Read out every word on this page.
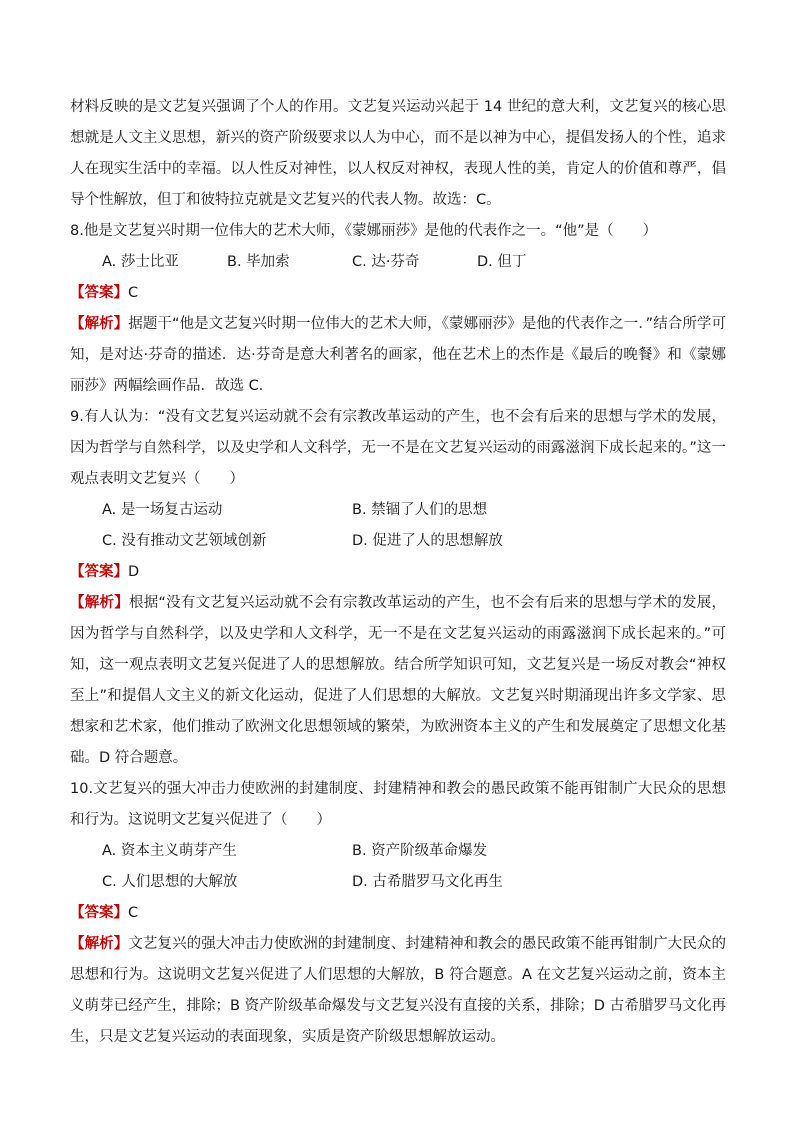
材料反映的是文艺复兴强调了个人的作用。文艺复兴运动兴起于 14 世纪的意大利，文艺复兴的核心思想就是人文主义思想，新兴的资产阶级要求以人为中心，而不是以神为中心，提倡发扬人的个性，追求人在现实生活中的幸福。以人性反对神性，以人权反对神权，表现人性的美，肯定人的价值和尊严，倡导个性解放，但丁和彼特拉克就是文艺复兴的代表人物。故选：C。

8.他是文艺复兴时期一位伟大的艺术大师，《蒙娜丽莎》是他的代表作之一。“他”是（　　）

A. 莎士比亚	B. 毕加索	C. 达·芬奇	D. 但丁

【答案】C

【解析】据题干“他是文艺复兴时期一位伟大的艺术大师，《蒙娜丽莎》是他的代表作之一．”结合所学可知，是对达·芬奇的描述．达·芬奇是意大利著名的画家，他在艺术上的杰作是《最后的晚餐》和《蒙娜丽莎》两幅绘画作品．故选 C．

9.有人认为：“没有文艺复兴运动就不会有宗教改革运动的产生，也不会有后来的思想与学术的发展，因为哲学与自然科学，以及史学和人文科学，无一不是在文艺复兴运动的雨露滋润下成长起来的。”这一观点表明文艺复兴（　　）

A. 是一场复古运动	B. 禁锢了人们的思想
C. 没有推动文艺领域创新	D. 促进了人的思想解放

【答案】D

【解析】根据“没有文艺复兴运动就不会有宗教改革运动的产生，也不会有后来的思想与学术的发展，因为哲学与自然科学，以及史学和人文科学，无一不是在文艺复兴运动的雨露滋润下成长起来的。”可知，这一观点表明文艺复兴促进了人的思想解放。结合所学知识可知，文艺复兴是一场反对教会“神权至上”和提倡人文主义的新文化运动，促进了人们思想的大解放。文艺复兴时期涌现出许多文学家、思想家和艺术家，他们推动了欧洲文化思想领域的繁荣，为欧洲资本主义的产生和发展奠定了思想文化基础。D 符合题意。

10.文艺复兴的强大冲击力使欧洲的封建制度、封建精神和教会的愚民政策不能再钳制广大民众的思想和行为。这说明文艺复兴促进了（　　）

A. 资本主义萌芽产生	B. 资产阶级革命爆发
C. 人们思想的大解放	D. 古希腊罗马文化再生

【答案】C

【解析】文艺复兴的强大冲击力使欧洲的封建制度、封建精神和教会的愚民政策不能再钳制广大民众的思想和行为。这说明文艺复兴促进了人们思想的大解放，B 符合题意。A 在文艺复兴运动之前，资本主义萌芽已经产生，排除；B 资产阶级革命爆发与文艺复兴没有直接的关系，排除；D 古希腊罗马文化再生，只是文艺复兴运动的表面现象，实质是资产阶级思想解放运动。
